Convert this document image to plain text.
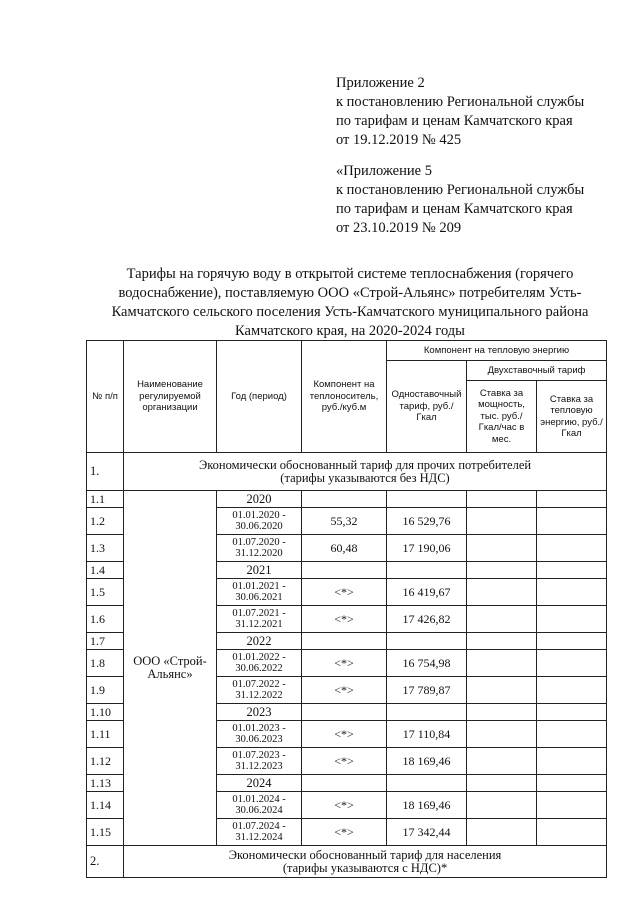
Приложение 2
к постановлению Региональной службы
по тарифам и ценам Камчатского края
от 19.12.2019 № 425
«Приложение 5
к постановлению Региональной службы
по тарифам и ценам Камчатского края
от 23.10.2019 № 209
Тарифы на горячую воду в открытой системе теплоснабжения (горячего
водоснабжение), поставляемую ООО «Строй-Альянс» потребителям Усть-
Камчатского сельского поселения Усть-Камчатского муниципального района
Камчатского края, на 2020-2024 годы
№ п/п	Наименование регулируемой организации	Год (период)	Компонент на теплоноситель, руб./куб.м	Компонент на тепловую энергию		
				Одноставочный тариф, руб./Гкал	Двухставочный тариф	
					Ставка за мощность, тыс. руб./Гкал/час в мес.	Ставка за тепловую энергию, руб./Гкал
1.	Экономически обоснованный тариф для прочих потребителей
(тарифы указываются без НДС)					

1.1	ООО «Строй-Альянс»	2020				
1.2		01.01.2020 - 30.06.2020	55,32	16 529,76		
1.3		01.07.2020 - 31.12.2020	60,48	17 190,06		
1.4		2021				
1.5		01.01.2021 - 30.06.2021	<*>	16 419,67		
1.6		01.07.2021 - 31.12.2021	<*>	17 426,82		
1.7		2022				
1.8		01.01.2022 - 30.06.2022	<*>	16 754,98		
1.9		01.07.2022 - 31.12.2022	<*>	17 789,87		
1.10		2023				
1.11		01.01.2023 - 30.06.2023	<*>	17 110,84		
1.12		01.07.2023 - 31.12.2023	<*>	18 169,46		
1.13		2024				
1.14		01.01.2024 - 30.06.2024	<*>	18 169,46		
1.15		01.07.2024 - 31.12.2024	<*>	17 342,44		
2.	Экономически обоснованный тариф для населения
(тарифы указываются с НДС)*					
